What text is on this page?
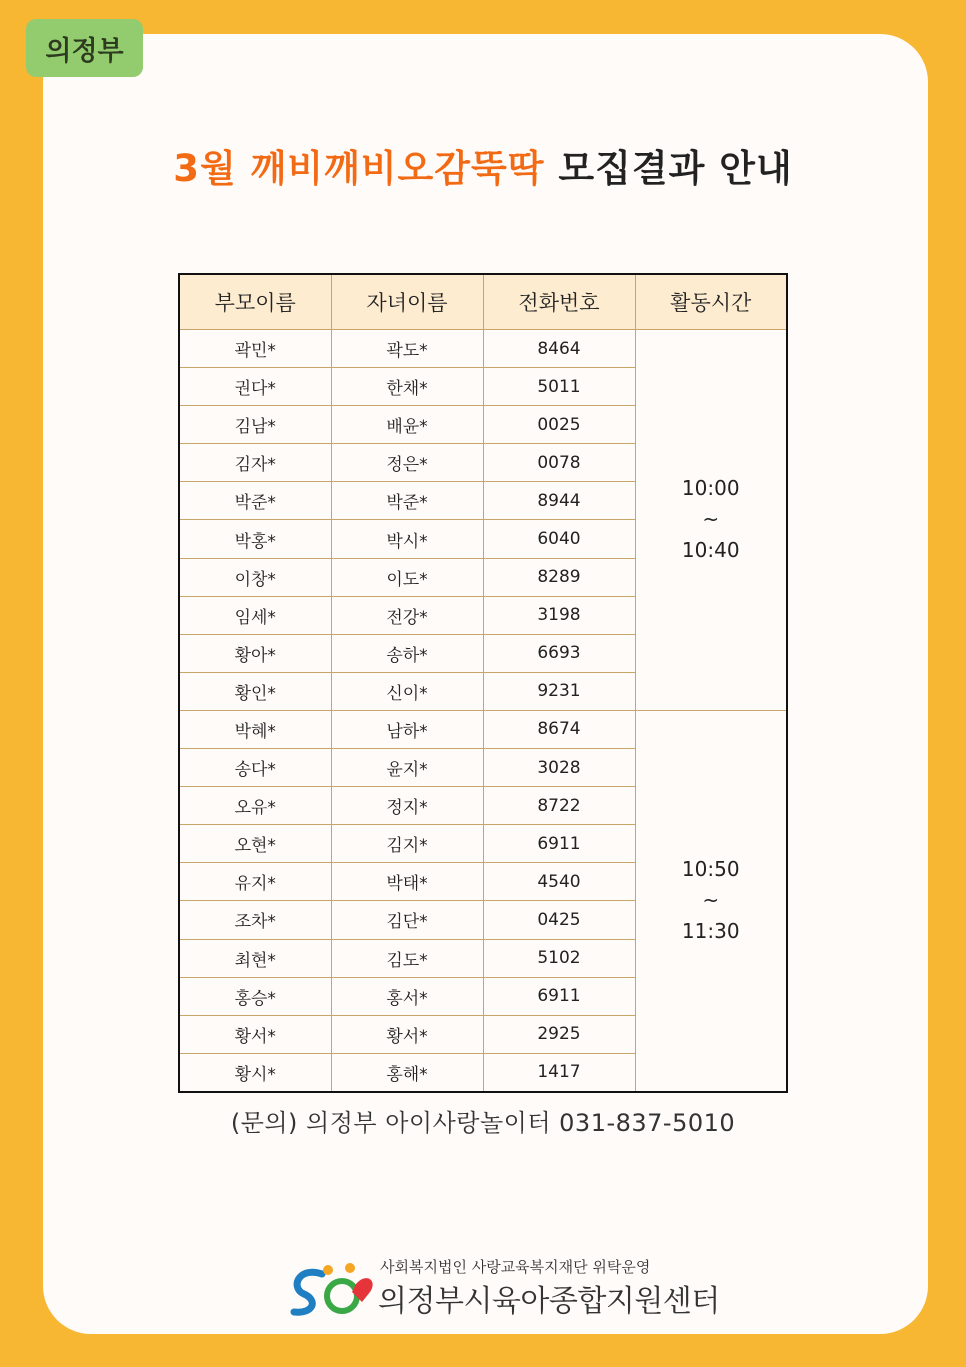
의정부
3월 깨비깨비오감뚝딱 모집결과 안내
부모이름	자녀이름	전화번호	활동시간
곽민*	곽도*	8464	10:00
~
10:40

권다*	한채*	5011	
김남*	배윤*	0025	
김자*	정은*	0078	
박준*	박준*	8944	
박홍*	박시*	6040	
이창*	이도*	8289	
임세*	전강*	3198	
황아*	송하*	6693	
황인*	신이*	9231	
박혜*	남하*	8674	10:50
~
11:30

송다*	윤지*	3028	
오유*	정지*	8722	
오현*	김지*	6911	
유지*	박태*	4540	
조차*	김단*	0425	
최현*	김도*	5102	
홍승*	홍서*	6911	
황서*	황서*	2925	
황시*	홍해*	1417	
(문의) 의정부 아이사랑놀이터 031-837-5010
사회복지법인 사랑교육복지재단 위탁운영
의정부시육아종합지원센터
